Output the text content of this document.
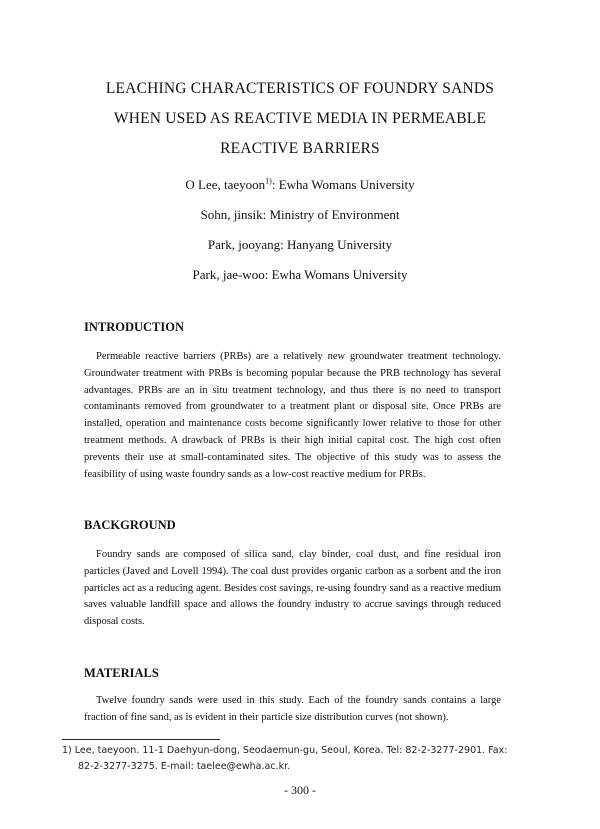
LEACHING CHARACTERISTICS OF FOUNDRY SANDS
WHEN USED AS REACTIVE MEDIA IN PERMEABLE
REACTIVE BARRIERS
O Lee, taeyoon$^{1)}$: Ewha Womans University
Sohn, jinsik: Ministry of Environment
Park, jooyang: Hanyang University
Park, jae-woo: Ewha Womans University
INTRODUCTION
Permeable reactive barriers (PRBs) are a relatively new groundwater treatment technology. Groundwater treatment with PRBs is becoming popular because the PRB technology has several advantages. PRBs are an in situ treatment technology, and thus there is no need to transport contaminants removed from groundwater to a treatment plant or disposal site. Once PRBs are installed, operation and maintenance costs become significantly lower relative to those for other treatment methods. A drawback of PRBs is their high initial capital cost. The high cost often prevents their use at small-contaminated sites. The objective of this study was to assess the feasibility of using waste foundry sands as a low-cost reactive medium for PRBs.
BACKGROUND
Foundry sands are composed of silica sand, clay binder, coal dust, and fine residual iron particles (Javed and Lovell 1994). The coal dust provides organic carbon as a sorbent and the iron particles act as a reducing agent. Besides cost savings, re-using foundry sand as a reactive medium saves valuable landfill space and allows the foundry industry to accrue savings through reduced disposal costs.
MATERIALS
Twelve foundry sands were used in this study. Each of the foundry sands contains a large fraction of fine sand, as is evident in their particle size distribution curves (not shown).
1) Lee, taeyoon. 11-1 Daehyun-dong, Seodaemun-gu, Seoul, Korea. Tel: 82-2-3277-2901. Fax:
82-2-3277-3275. E-mail: taelee@ewha.ac.kr.
- 300 -
